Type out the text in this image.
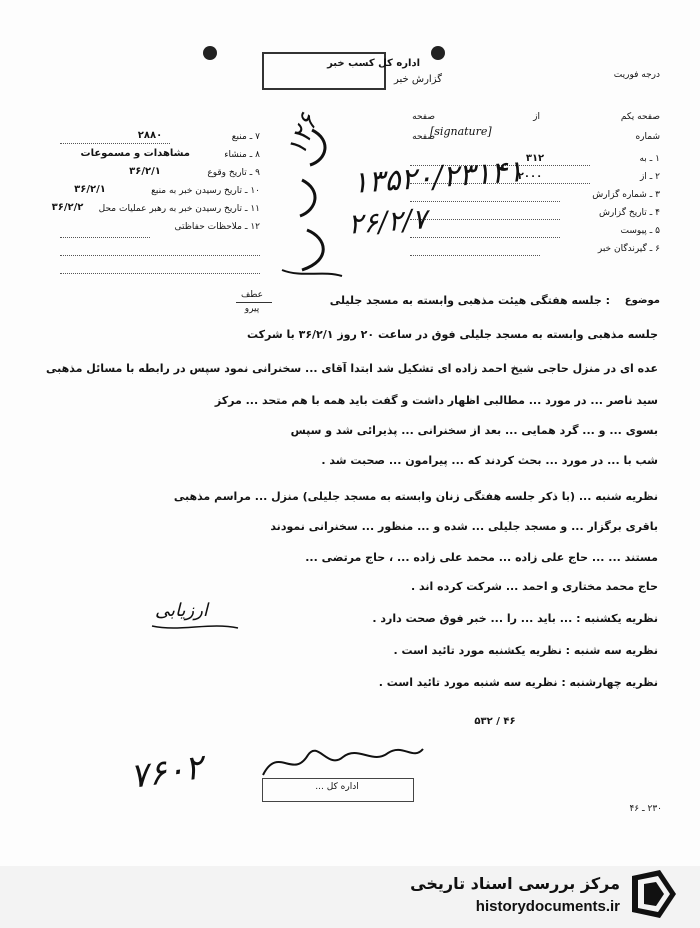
اداره کل کسب خبر
گزارش خبر	درجه فوریت
صفحه یکم
از
صفحه
شماره
صفحه
۱ ـ به
۳۱۲
۲ ـ از
۲۰۰۰
۳ ـ شماره گزارش
۴ ـ تاریخ گزارش
۵ ـ پیوست
۶ ـ گیرندگان خبر
۷ ـ منبع
۲۸۸۰
۸ ـ منشاء
مشاهدات و مسموعات
۹ ـ تاریخ وقوع
۳۶/۲/۱
۱۰ ـ تاریخ رسیدن خبر به منبع
۳۶/۲/۱
۱۱ ـ تاریخ رسیدن خبر به رهبر عملیات محل
۳۶/۲/۲
۱۲ ـ ملاحظات حفاظتی
۱۳۵۲۰/۲۳۱۴۱
۲۶/۲/۷
۱۲۶	[signature]
موضوع
: جلسه هفتگی هیئت مذهبی وابسته به مسجد جلیلی
عطف
پیرو
جلسه مذهبی وابسته به مسجد جلیلی فوق در ساعت ۲۰ روز ۳۶/۲/۱ با شرکت
عده ای در منزل حاجی شیخ احمد زاده ای تشکیل شد ابتدا آقای ... سخنرانی نمود سپس در رابطه با مسائل مذهبی
سید ناصر ... در مورد ... مطالبی اظهار داشت و گفت باید همه با هم متحد ... مرکز
بسوی ... و ... گرد همایی ... بعد از سخنرانی ... پذیرائی شد و سپس
شب با ... در مورد ... بحث کردند که ... پیرامون ... صحبت شد .
نظریه شنبه ... (با ذکر جلسه هفتگی زنان وابسته به مسجد جلیلی) منزل ... مراسم مذهبی
باقری برگزار ... و مسجد جلیلی ... شده و ... منظور ... سخنرانی نمودند
مستند ... ... حاج علی زاده ... محمد علی زاده ... ، حاج مرتضی ...
حاج محمد مختاری و احمد ... شرکت کرده اند .
نظریه یکشنبه : ... باید ... را ... خبر فوق صحت دارد .
نظریه سه شنبه : نظریه یکشنبه مورد تائید است .
نظریه چهارشنبه : نظریه سه شنبه مورد تائید است .
ارزیابی
۵۳۲ / ۴۶
۷۶۰۲	اداره کل ...
۲۳۰ ـ ۴۶
مرکز بررسی اسناد تاریخی
historydocuments.ir
